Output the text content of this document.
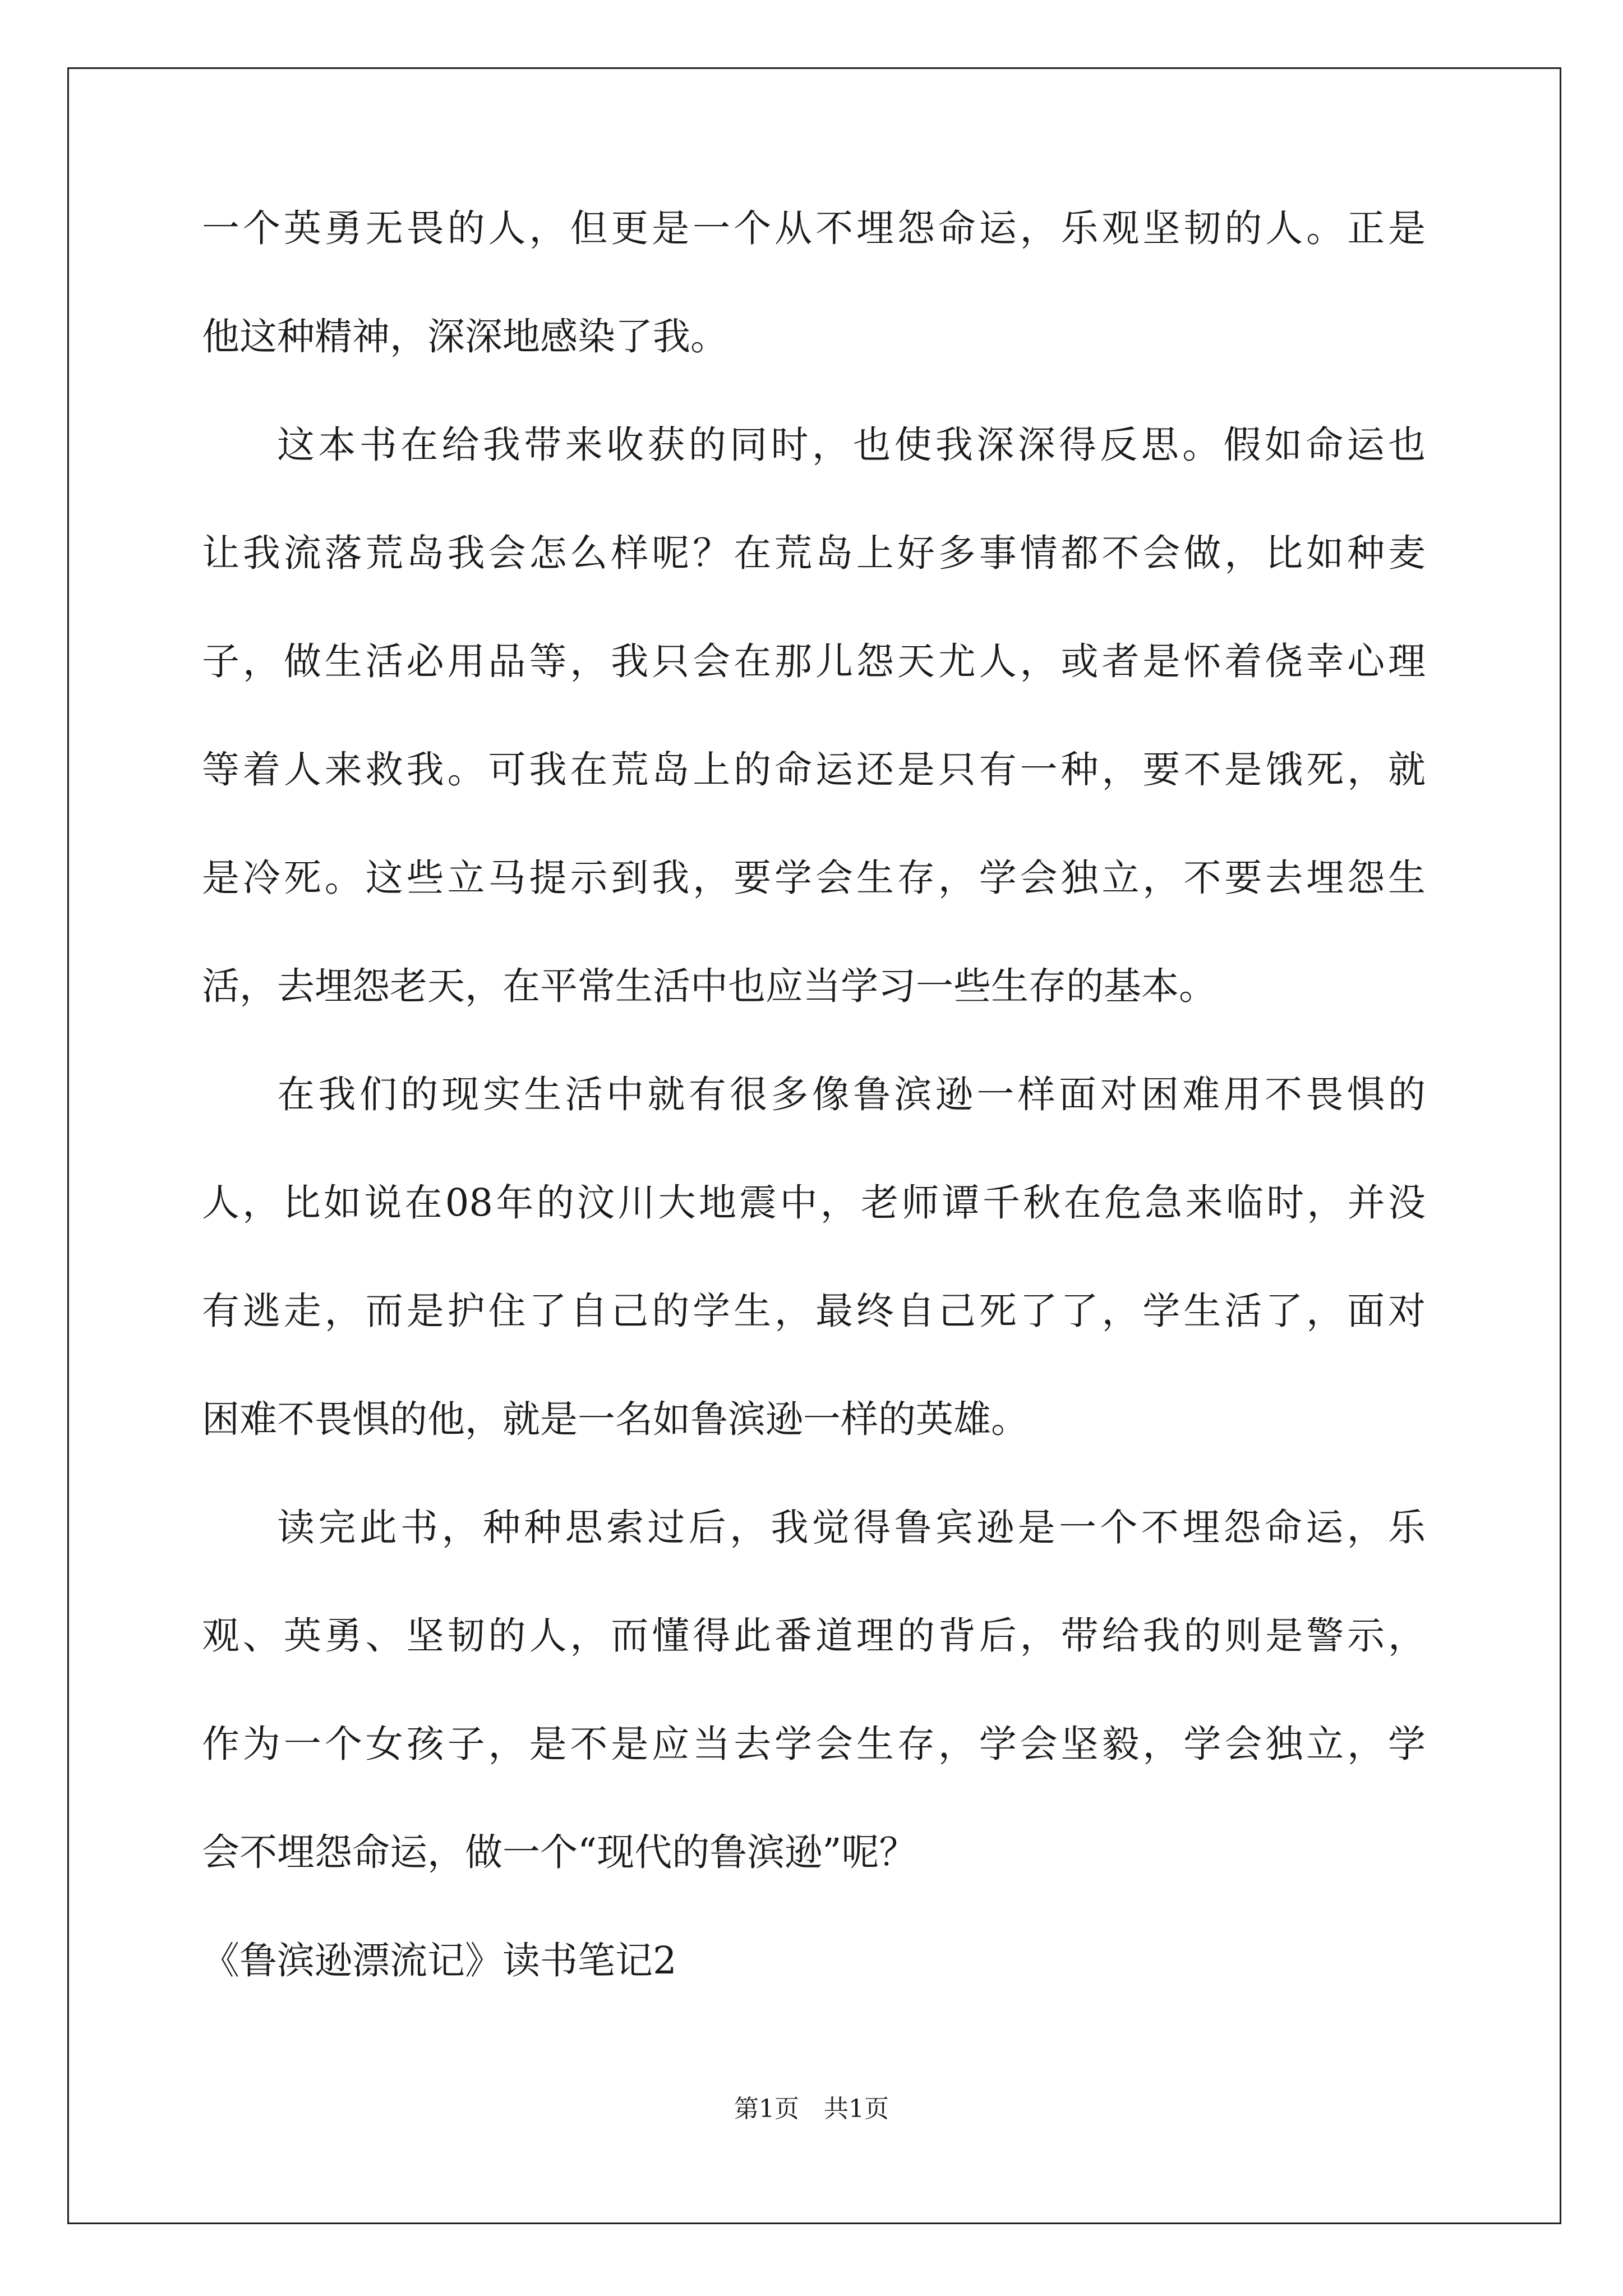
一个英勇无畏的人，但更是一个从不埋怨命运，乐观坚韧的人。正是
他这种精神，深深地感染了我。
这本书在给我带来收获的同时，也使我深深得反思。假如命运也
让我流落荒岛我会怎么样呢？在荒岛上好多事情都不会做，比如种麦
子，做生活必用品等，我只会在那儿怨天尤人，或者是怀着侥幸心理
等着人来救我。可我在荒岛上的命运还是只有一种，要不是饿死，就
是冷死。这些立马提示到我，要学会生存，学会独立，不要去埋怨生
活，去埋怨老天，在平常生活中也应当学习一些生存的基本。
在我们的现实生活中就有很多像鲁滨逊一样面对困难用不畏惧的
人，比如说在08年的汶川大地震中，老师谭千秋在危急来临时，并没
有逃走，而是护住了自己的学生，最终自己死了了，学生活了，面对
困难不畏惧的他，就是一名如鲁滨逊一样的英雄。
读完此书，种种思索过后，我觉得鲁宾逊是一个不埋怨命运，乐
观、英勇、坚韧的人，而懂得此番道理的背后，带给我的则是警示，
作为一个女孩子，是不是应当去学会生存，学会坚毅，学会独立，学
会不埋怨命运，做一个“现代的鲁滨逊”呢？
《鲁滨逊漂流记》读书笔记2
第1页　共1页
